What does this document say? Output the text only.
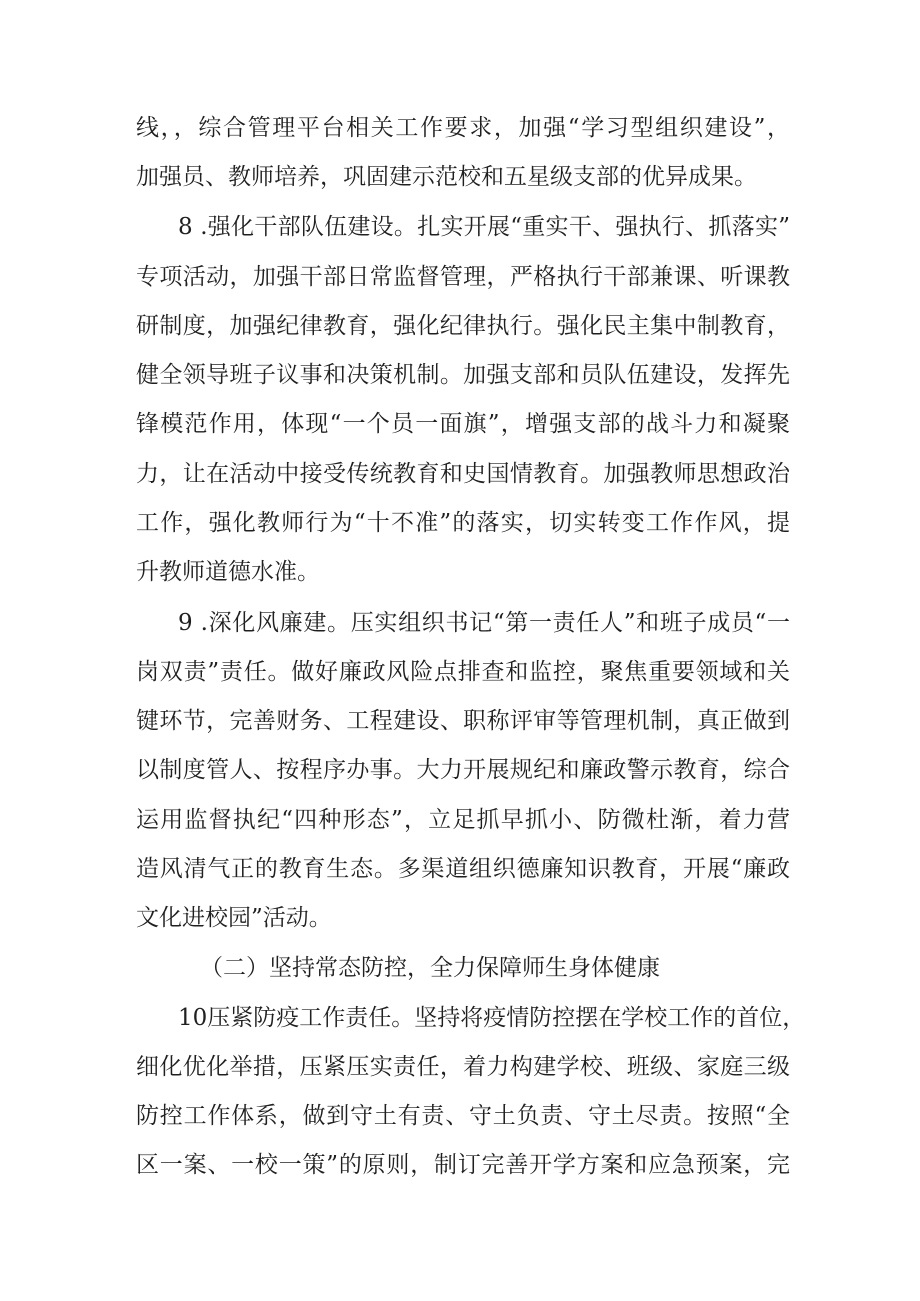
线，，综合管理平台相关工作要求，加强“学习型组织建设”，
加强员、教师培养，巩固建示范校和五星级支部的优异成果。
8 .强化干部队伍建设。扎实开展“重实干、强执行、抓落实”
专项活动，加强干部日常监督管理，严格执行干部兼课、听课教
研制度，加强纪律教育，强化纪律执行。强化民主集中制教育，
健全领导班子议事和决策机制。加强支部和员队伍建设，发挥先
锋模范作用，体现“一个员一面旗”，增强支部的战斗力和凝聚
力，让在活动中接受传统教育和史国情教育。加强教师思想政治
工作，强化教师行为“十不准”的落实，切实转变工作作风，提
升教师道德水准。
9 .深化风廉建。压实组织书记“第一责任人”和班子成员“一
岗双责”责任。做好廉政风险点排查和监控，聚焦重要领域和关
键环节，完善财务、工程建设、职称评审等管理机制，真正做到
以制度管人、按程序办事。大力开展规纪和廉政警示教育，综合
运用监督执纪“四种形态”，立足抓早抓小、防微杜渐，着力营
造风清气正的教育生态。多渠道组织德廉知识教育，开展“廉政
文化进校园”活动。
（二）坚持常态防控，全力保障师生身体健康
10压紧防疫工作责任。坚持将疫情防控摆在学校工作的首位，
细化优化举措，压紧压实责任，着力构建学校、班级、家庭三级
防控工作体系，做到守土有责、守土负责、守土尽责。按照“全
区一案、一校一策”的原则，制订完善开学方案和应急预案，完
